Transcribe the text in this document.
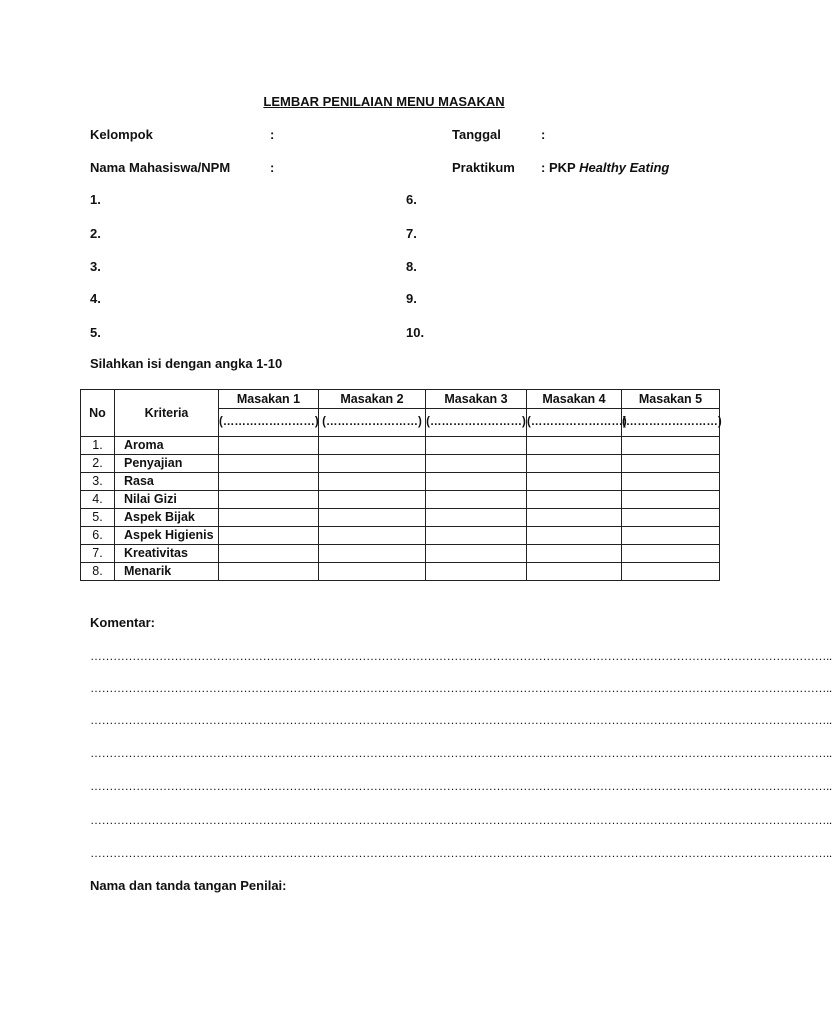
LEMBAR PENILAIAN MENU MASAKAN
Kelompok	:	Tanggal	:
Nama Mahasiswa/NPM	:	Praktikum : PKP Healthy Eating
1.
2.
3.
4.
5.
6.
7.
8.
9.
10.
Silahkan isi dengan angka 1-10
No	Kriteria	Masakan 1	Masakan 2	Masakan 3	Masakan 4	Masakan 5
		(……………………)	(……………………)	(……………………)	(……………………)	(……………………)
1.	Aroma					
2.	Penyajian					
3.	Rasa					
4.	Nilai Gizi					
5.	Aspek Bijak					
6.	Aspek Higienis					
7.	Kreativitas					
8.	Menarik					
Komentar:
…………………………………………………………………………………………………………………………………………………………………………..
…………………………………………………………………………………………………………………………………………………………………………..
…………………………………………………………………………………………………………………………………………………………………………..
…………………………………………………………………………………………………………………………………………………………………………..
…………………………………………………………………………………………………………………………………………………………………………..
…………………………………………………………………………………………………………………………………………………………………………..
…………………………………………………………………………………………………………………………………………………………………………..
Nama dan tanda tangan Penilai:
